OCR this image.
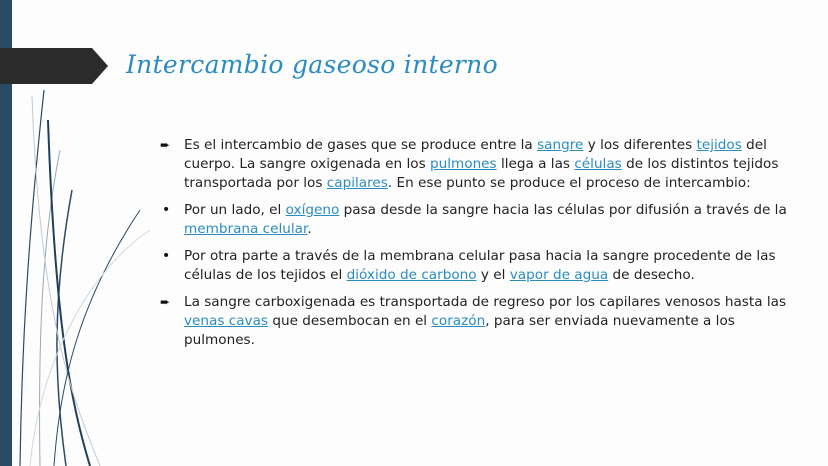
Intercambio gaseoso interno
➨	Es el intercambio de gases que se produce entre la sangre y los diferentes tejidos del cuerpo. La sangre oxigenada en los pulmones llega a las células de los distintos tejidos transportada por los capilares. En ese punto se produce el proceso de intercambio:
•	Por un lado, el oxígeno pasa desde la sangre hacia las células por difusión a través de la membrana celular.
•	Por otra parte a través de la membrana celular pasa hacia la sangre procedente de las células de los tejidos el dióxido de carbono y el vapor de agua de desecho.
➨	La sangre carboxigenada es transportada de regreso por los capilares venosos hasta las venas cavas que desembocan en el corazón, para ser enviada nuevamente a los pulmones.
